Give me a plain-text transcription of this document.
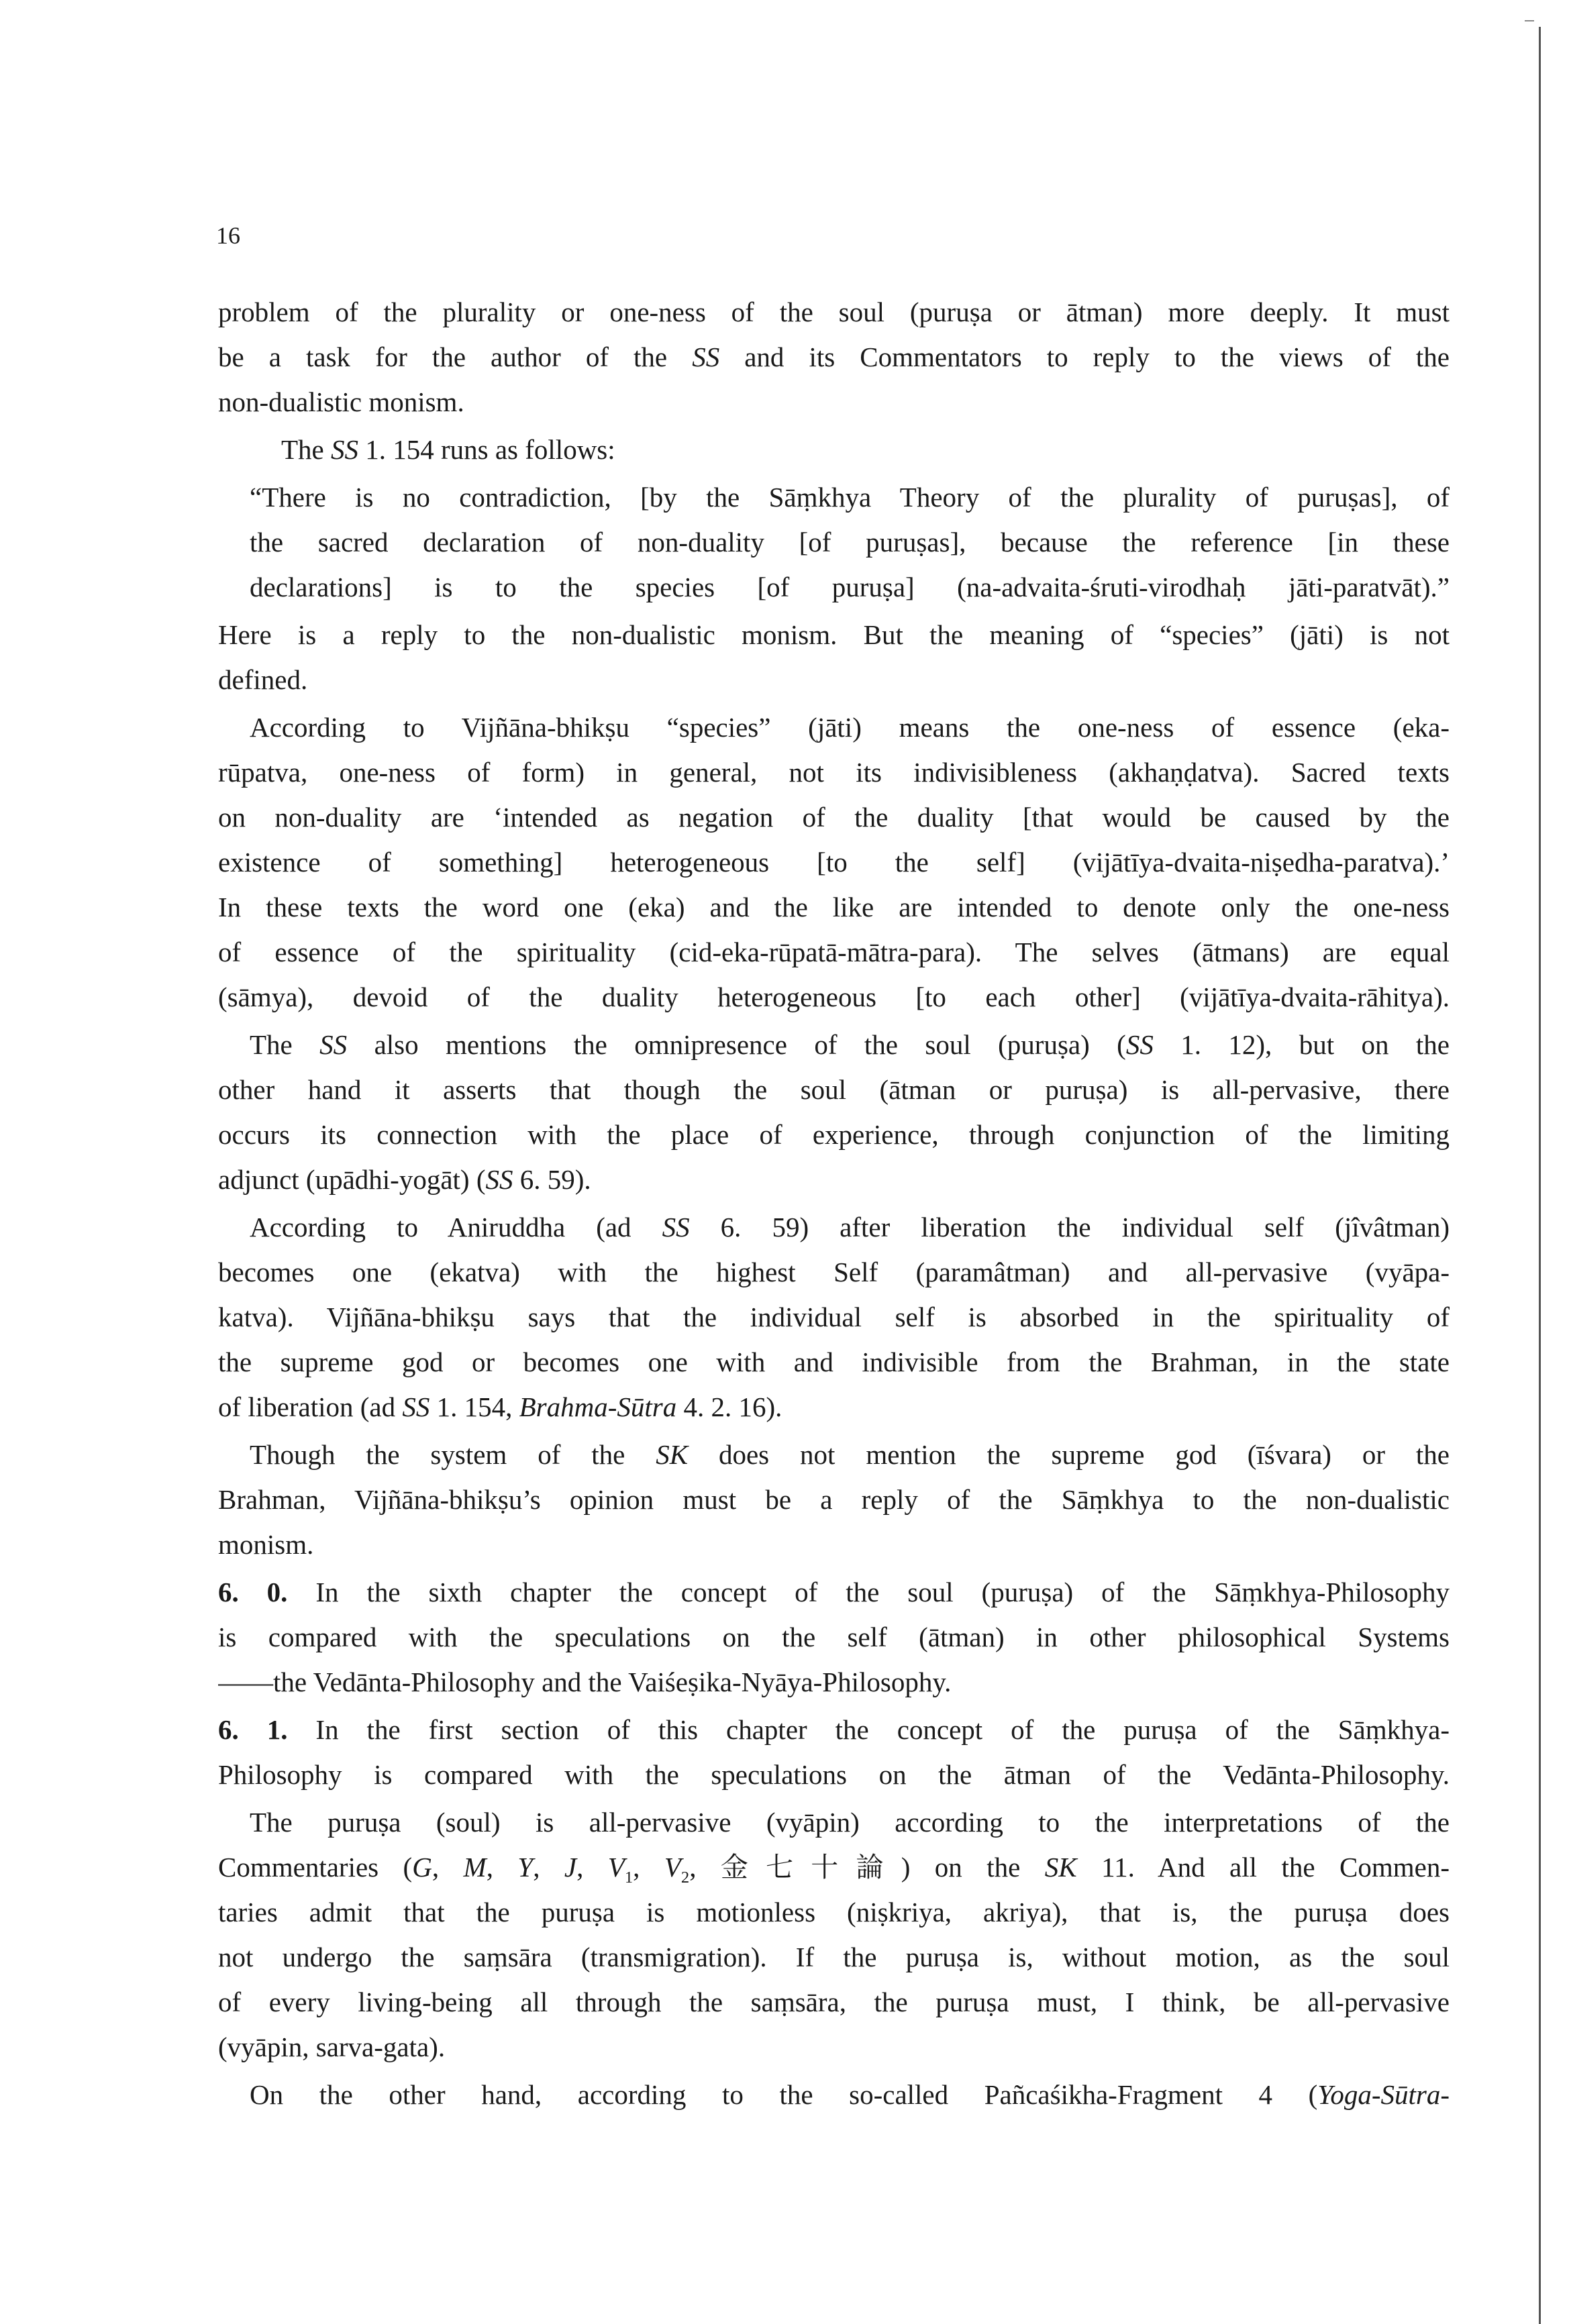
16
problem of the plurality or one-ness of the soul (puruṣa or ātman) more deeply. It must
be a task for the author of the SS and its Commentators to reply to the views of the
non-dualistic monism.
The SS 1. 154 runs as follows:
“There is no contradiction, [by the Sāṃkhya Theory of the plurality of puruṣas], of
the sacred declaration of non-duality [of puruṣas], because the reference [in these
declarations] is to the species [of puruṣa] (na-advaita-śruti-virodhaḥ jāti-paratvāt).”
Here is a reply to the non-dualistic monism. But the meaning of “species” (jāti) is not
defined.
According to Vijñāna-bhikṣu “species” (jāti) means the one-ness of essence (eka-
rūpatva, one-ness of form) in general, not its indivisibleness (akhaṇḍatva). Sacred texts
on non-duality are ‘intended as negation of the duality [that would be caused by the
existence of something] heterogeneous [to the self] (vijātīya-dvaita-niṣedha-paratva).’
In these texts the word one (eka) and the like are intended to denote only the one-ness
of essence of the spirituality (cid-eka-rūpatā-mātra-para). The selves (ātmans) are equal
(sāmya), devoid of the duality heterogeneous [to each other] (vijātīya-dvaita-rāhitya).
The SS also mentions the omnipresence of the soul (puruṣa) (SS 1. 12), but on the
other hand it asserts that though the soul (ātman or puruṣa) is all-pervasive, there
occurs its connection with the place of experience, through conjunction of the limiting
adjunct (upādhi-yogāt) (SS 6. 59).
According to Aniruddha (ad SS 6. 59) after liberation the individual self (jîvâtman)
becomes one (ekatva) with the highest Self (paramâtman) and all-pervasive (vyāpa-
katva). Vijñāna-bhikṣu says that the individual self is absorbed in the spirituality of
the supreme god or becomes one with and indivisible from the Brahman, in the state
of liberation (ad SS 1. 154, Brahma-Sūtra 4. 2. 16).
Though the system of the SK does not mention the supreme god (īśvara) or the
Brahman, Vijñāna-bhikṣu’s opinion must be a reply of the Sāṃkhya to the non-dualistic
monism.
6. 0. In the sixth chapter the concept of the soul (puruṣa) of the Sāṃkhya-Philosophy
is compared with the speculations on the self (ātman) in other philosophical Systems
——the Vedānta-Philosophy and the Vaiśeṣika-Nyāya-Philosophy.
6. 1. In the first section of this chapter the concept of the puruṣa of the Sāṃkhya-
Philosophy is compared with the speculations on the ātman of the Vedānta-Philosophy.
The puruṣa (soul) is all-pervasive (vyāpin) according to the interpretations of the
Commentaries (G, M, Y, J, $V_1$, $V_2$, 金七十論) on the SK 11. And all the Commen-
taries admit that the puruṣa is motionless (niṣkriya, akriya), that is, the puruṣa does
not undergo the saṃsāra (transmigration). If the puruṣa is, without motion, as the soul
of every living-being all through the saṃsāra, the puruṣa must, I think, be all-pervasive
(vyāpin, sarva-gata).
On the other hand, according to the so-called Pañcaśikha-Fragment 4 (Yoga-Sūtra-
